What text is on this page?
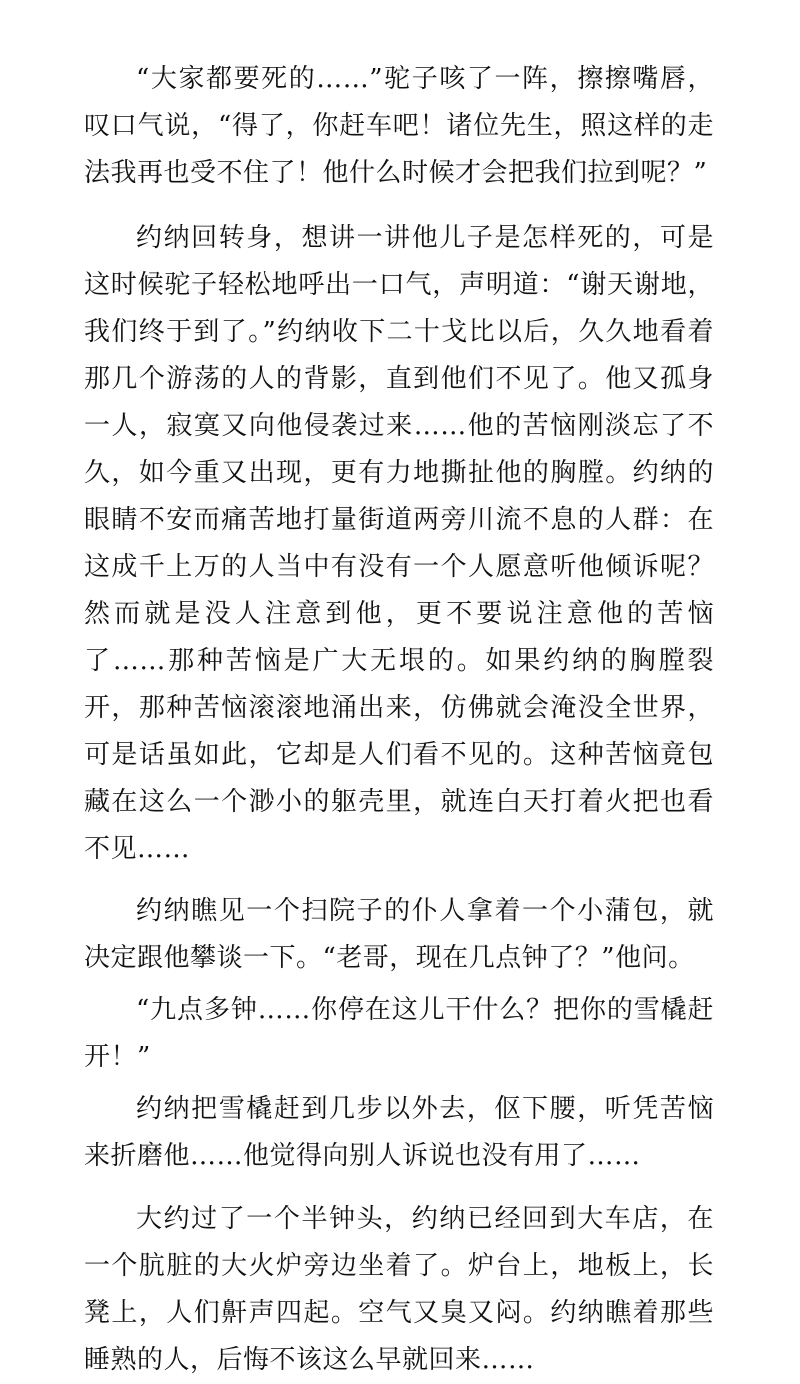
“大家都要死的……”驼子咳了一阵，擦擦嘴唇，叹口气说，“得了，你赶车吧！诸位先生，照这样的走法我再也受不住了！他什么时候才会把我们拉到呢？”

约纳回转身，想讲一讲他儿子是怎样死的，可是这时候驼子轻松地呼出一口气，声明道：“谢天谢地，我们终于到了。”约纳收下二十戈比以后，久久地看着那几个游荡的人的背影，直到他们不见了。他又孤身一人，寂寞又向他侵袭过来……他的苦恼刚淡忘了不久，如今重又出现，更有力地撕扯他的胸膛。约纳的眼睛不安而痛苦地打量街道两旁川流不息的人群：在这成千上万的人当中有没有一个人愿意听他倾诉呢？然而就是没人注意到他，更不要说注意他的苦恼了……那种苦恼是广大无垠的。如果约纳的胸膛裂开，那种苦恼滚滚地涌出来，仿佛就会淹没全世界，可是话虽如此，它却是人们看不见的。这种苦恼竟包藏在这么一个渺小的躯壳里，就连白天打着火把也看不见……

约纳瞧见一个扫院子的仆人拿着一个小蒲包，就决定跟他攀谈一下。“老哥，现在几点钟了？”他问。

“九点多钟……你停在这儿干什么？把你的雪橇赶开！”

约纳把雪橇赶到几步以外去，伛下腰，听凭苦恼来折磨他……他觉得向别人诉说也没有用了……

大约过了一个半钟头，约纳已经回到大车店，在一个肮脏的大火炉旁边坐着了。炉台上，地板上，长凳上，人们鼾声四起。空气又臭又闷。约纳瞧着那些睡熟的人，后悔不该这么早就回来……
